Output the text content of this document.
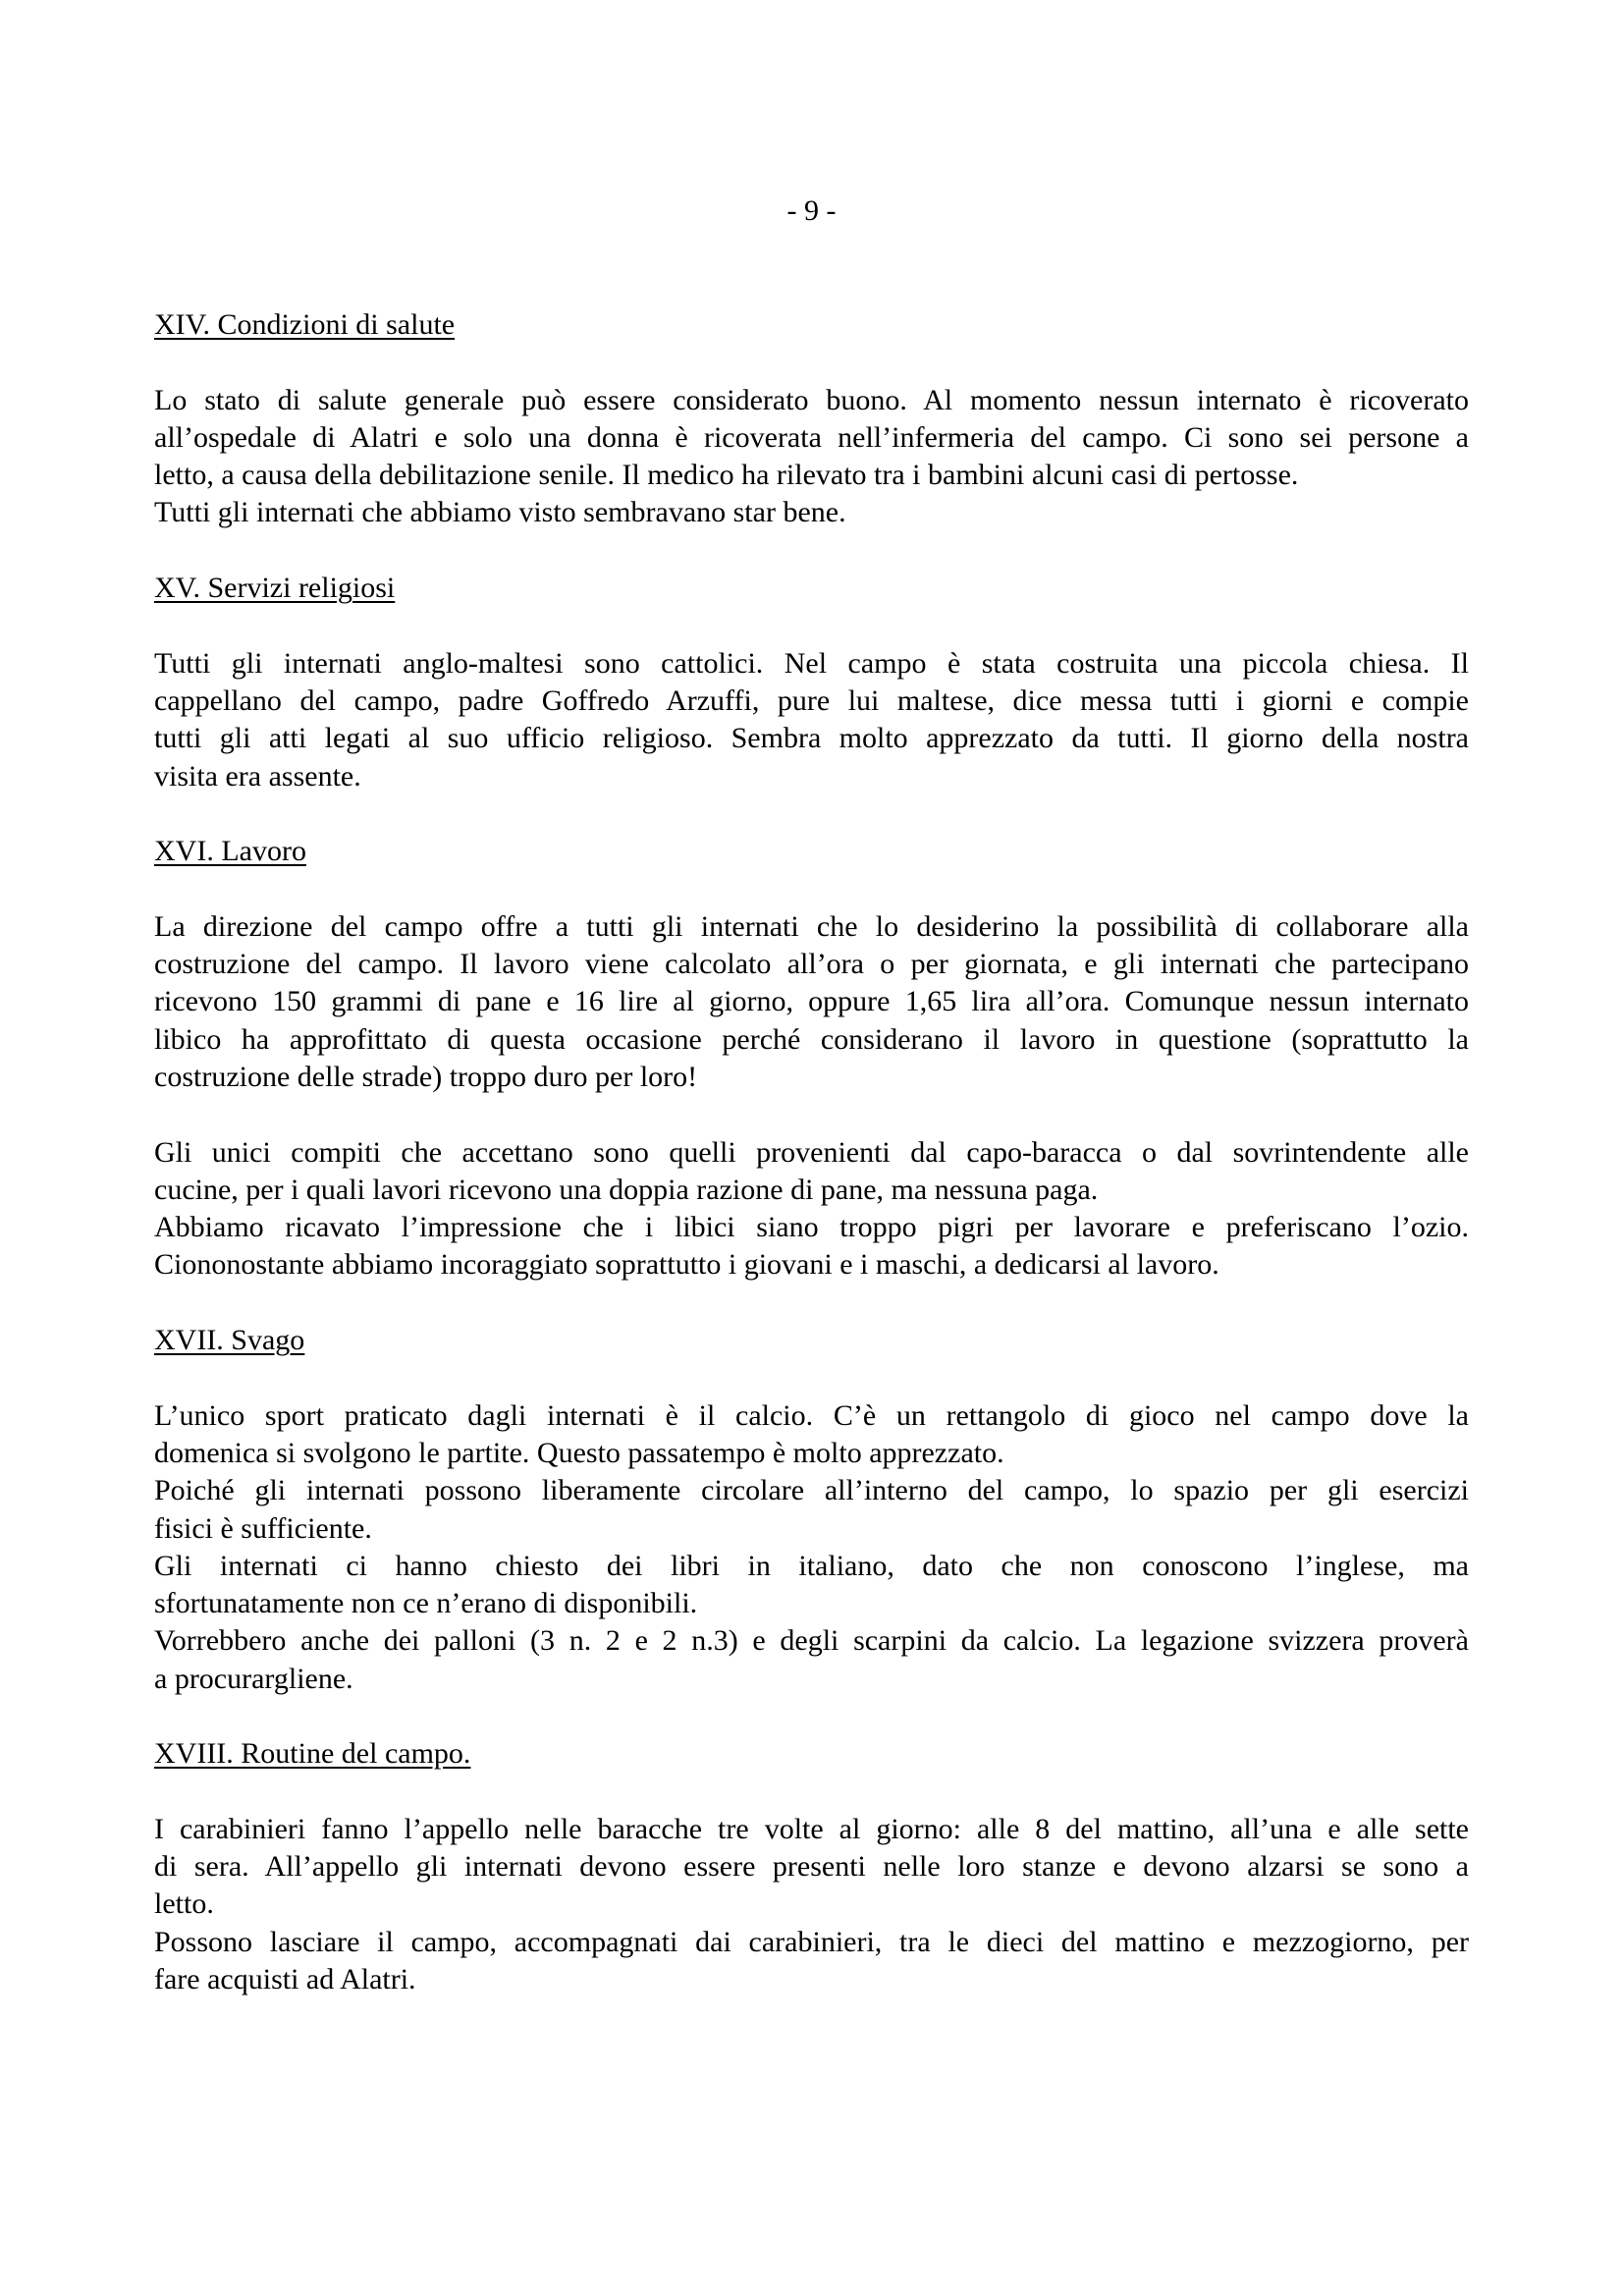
- 9 -
XIV. Condizioni di salute
Lo stato di salute generale può essere considerato buono. Al momento nessun internato è ricoverato
all’ospedale di Alatri e solo una donna è ricoverata nell’infermeria del campo. Ci sono sei persone a
letto, a causa della debilitazione senile. Il medico ha rilevato tra i bambini alcuni casi di pertosse.
Tutti gli internati che abbiamo visto sembravano star bene.
XV. Servizi religiosi
Tutti gli internati anglo-maltesi sono cattolici. Nel campo è stata costruita una piccola chiesa. Il
cappellano del campo, padre Goffredo Arzuffi, pure lui maltese, dice messa tutti i giorni e compie
tutti gli atti legati al suo ufficio religioso. Sembra molto apprezzato da tutti. Il giorno della nostra
visita era assente.
XVI. Lavoro
La direzione del campo offre a tutti gli internati che lo desiderino la possibilità di collaborare alla
costruzione del campo. Il lavoro viene calcolato all’ora o per giornata, e gli internati che partecipano
ricevono 150 grammi di pane e 16 lire al giorno, oppure 1,65 lira all’ora. Comunque nessun internato
libico ha approfittato di questa occasione perché considerano il lavoro in questione (soprattutto la
costruzione delle strade) troppo duro per loro!
Gli unici compiti che accettano sono quelli provenienti dal capo-baracca o dal sovrintendente alle
cucine, per i quali lavori ricevono una doppia razione di pane, ma nessuna paga.
Abbiamo ricavato l’impressione che i libici siano troppo pigri per lavorare e preferiscano l’ozio.
Ciononostante abbiamo incoraggiato soprattutto i giovani e i maschi, a dedicarsi al lavoro.
XVII. Svago
L’unico sport praticato dagli internati è il calcio. C’è un rettangolo di gioco nel campo dove la
domenica si svolgono le partite. Questo passatempo è molto apprezzato.
Poiché gli internati possono liberamente circolare all’interno del campo, lo spazio per gli esercizi
fisici è sufficiente.
Gli internati ci hanno chiesto dei libri in italiano, dato che non conoscono l’inglese, ma
sfortunatamente non ce n’erano di disponibili.
Vorrebbero anche dei palloni (3 n. 2 e 2 n.3) e degli scarpini da calcio. La legazione svizzera proverà
a procurargliene.
XVIII. Routine del campo.
I carabinieri fanno l’appello nelle baracche tre volte al giorno: alle 8 del mattino, all’una e alle sette
di sera. All’appello gli internati devono essere presenti nelle loro stanze e devono alzarsi se sono a
letto.
Possono lasciare il campo, accompagnati dai carabinieri, tra le dieci del mattino e mezzogiorno, per
fare acquisti ad Alatri.
